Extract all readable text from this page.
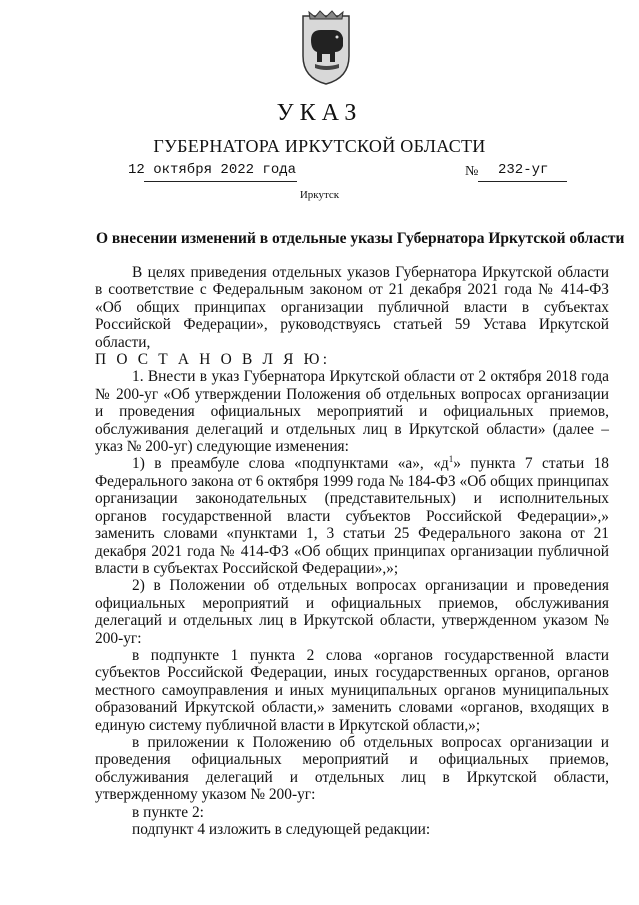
УКАЗ
ГУБЕРНАТОРА ИРКУТСКОЙ ОБЛАСТИ
12 октября 2022 года	№ 232-уг
Иркутск
О внесении изменений в отдельные указы Губернатора Иркутской области

В целях приведения отдельных указов Губернатора Иркутской области в соответствие с Федеральным законом от 21 декабря 2021 года № 414-ФЗ «Об общих принципах организации публичной власти в субъектах Российской Федерации», руководствуясь статьей 59 Устава Иркутской области,

П О С Т А Н О В Л Я Ю:

1. Внести в указ Губернатора Иркутской области от 2 октября 2018 года № 200-уг «Об утверждении Положения об отдельных вопросах организации и проведения официальных мероприятий и официальных приемов, обслуживания делегаций и отдельных лиц в Иркутской области» (далее – указ № 200-уг) следующие изменения:

1) в преамбуле слова «подпунктами «а», «$д^1$» пункта 7 статьи 18 Федерального закона от 6 октября 1999 года № 184-ФЗ «Об общих принципах организации законодательных (представительных) и исполнительных органов государственной власти субъектов Российской Федерации»,» заменить словами «пунктами 1, 3 статьи 25 Федерального закона от 21 декабря 2021 года № 414-ФЗ «Об общих принципах организации публичной власти в субъектах Российской Федерации»,»;

2) в Положении об отдельных вопросах организации и проведения официальных мероприятий и официальных приемов, обслуживания делегаций и отдельных лиц в Иркутской области, утвержденном указом № 200-уг:

в подпункте 1 пункта 2 слова «органов государственной власти субъектов Российской Федерации, иных государственных органов, органов местного самоуправления и иных муниципальных органов муниципальных образований Иркутской области,» заменить словами «органов, входящих в единую систему публичной власти в Иркутской области,»;

в приложении к Положению об отдельных вопросах организации и проведения официальных мероприятий и официальных приемов, обслуживания делегаций и отдельных лиц в Иркутской области, утвержденному указом № 200-уг:

в пункте 2:

подпункт 4 изложить в следующей редакции:
